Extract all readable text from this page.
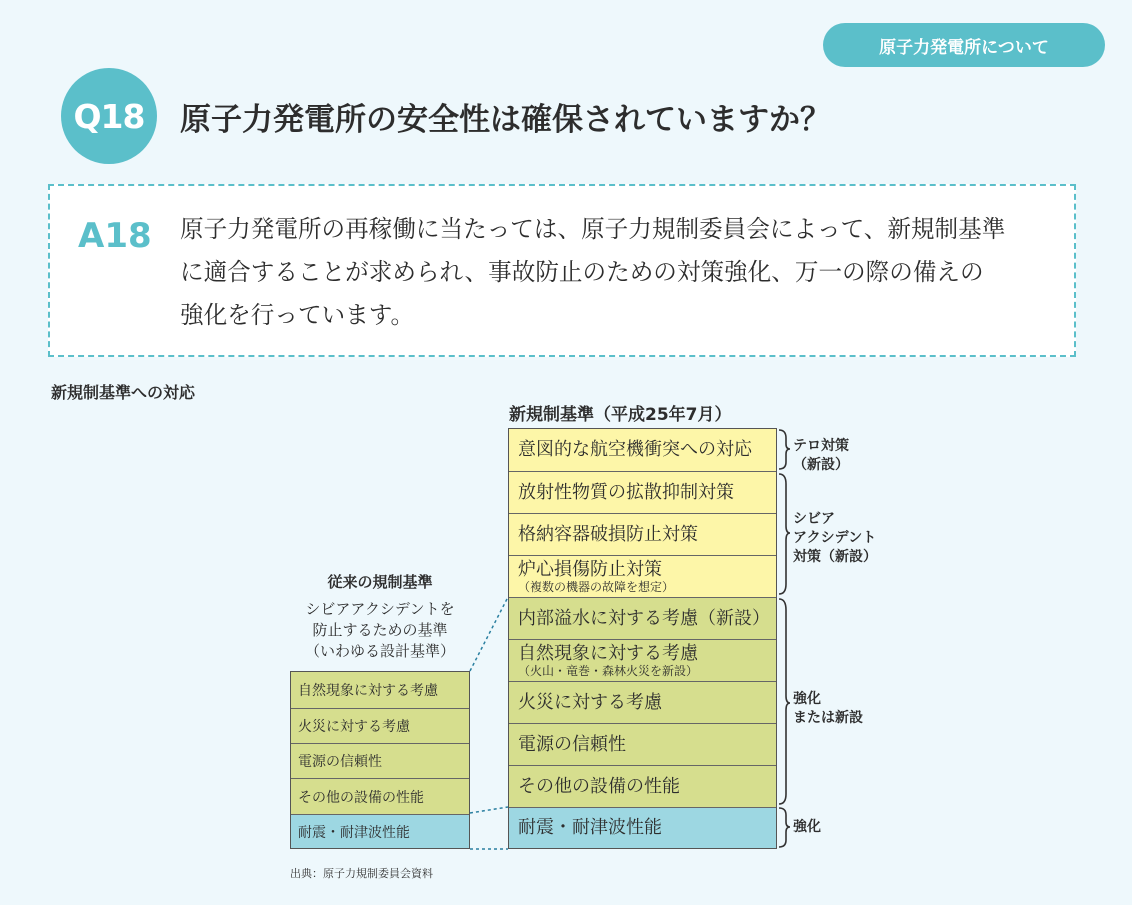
原子力発電所について
Q18	原子力発電所の安全性は確保されていますか？
A18 原子力発電所の再稼働に当たっては、原子力規制委員会によって、新規制基準
に適合することが求められ、事故防止のための対策強化、万一の際の備えの
強化を行っています。

新規制基準への対応
新規制基準（平成25年7月）
意図的な航空機衝突への対応
放射性物質の拡散抑制対策
格納容器破損防止対策
炉心損傷防止対策
（複数の機器の故障を想定）
内部溢水に対する考慮（新設）
自然現象に対する考慮
（火山・竜巻・森林火災を新設）
火災に対する考慮
電源の信頼性
その他の設備の性能
耐震・耐津波性能
テロ対策
（新設）
シビア
アクシデント
対策（新設）
強化
または新設
強化
従来の規制基準

シビアアクシデントを
防止するための基準
（いわゆる設計基準）

自然現象に対する考慮
火災に対する考慮
電源の信頼性
その他の設備の性能
耐震・耐津波性能
出典：原子力規制委員会資料
